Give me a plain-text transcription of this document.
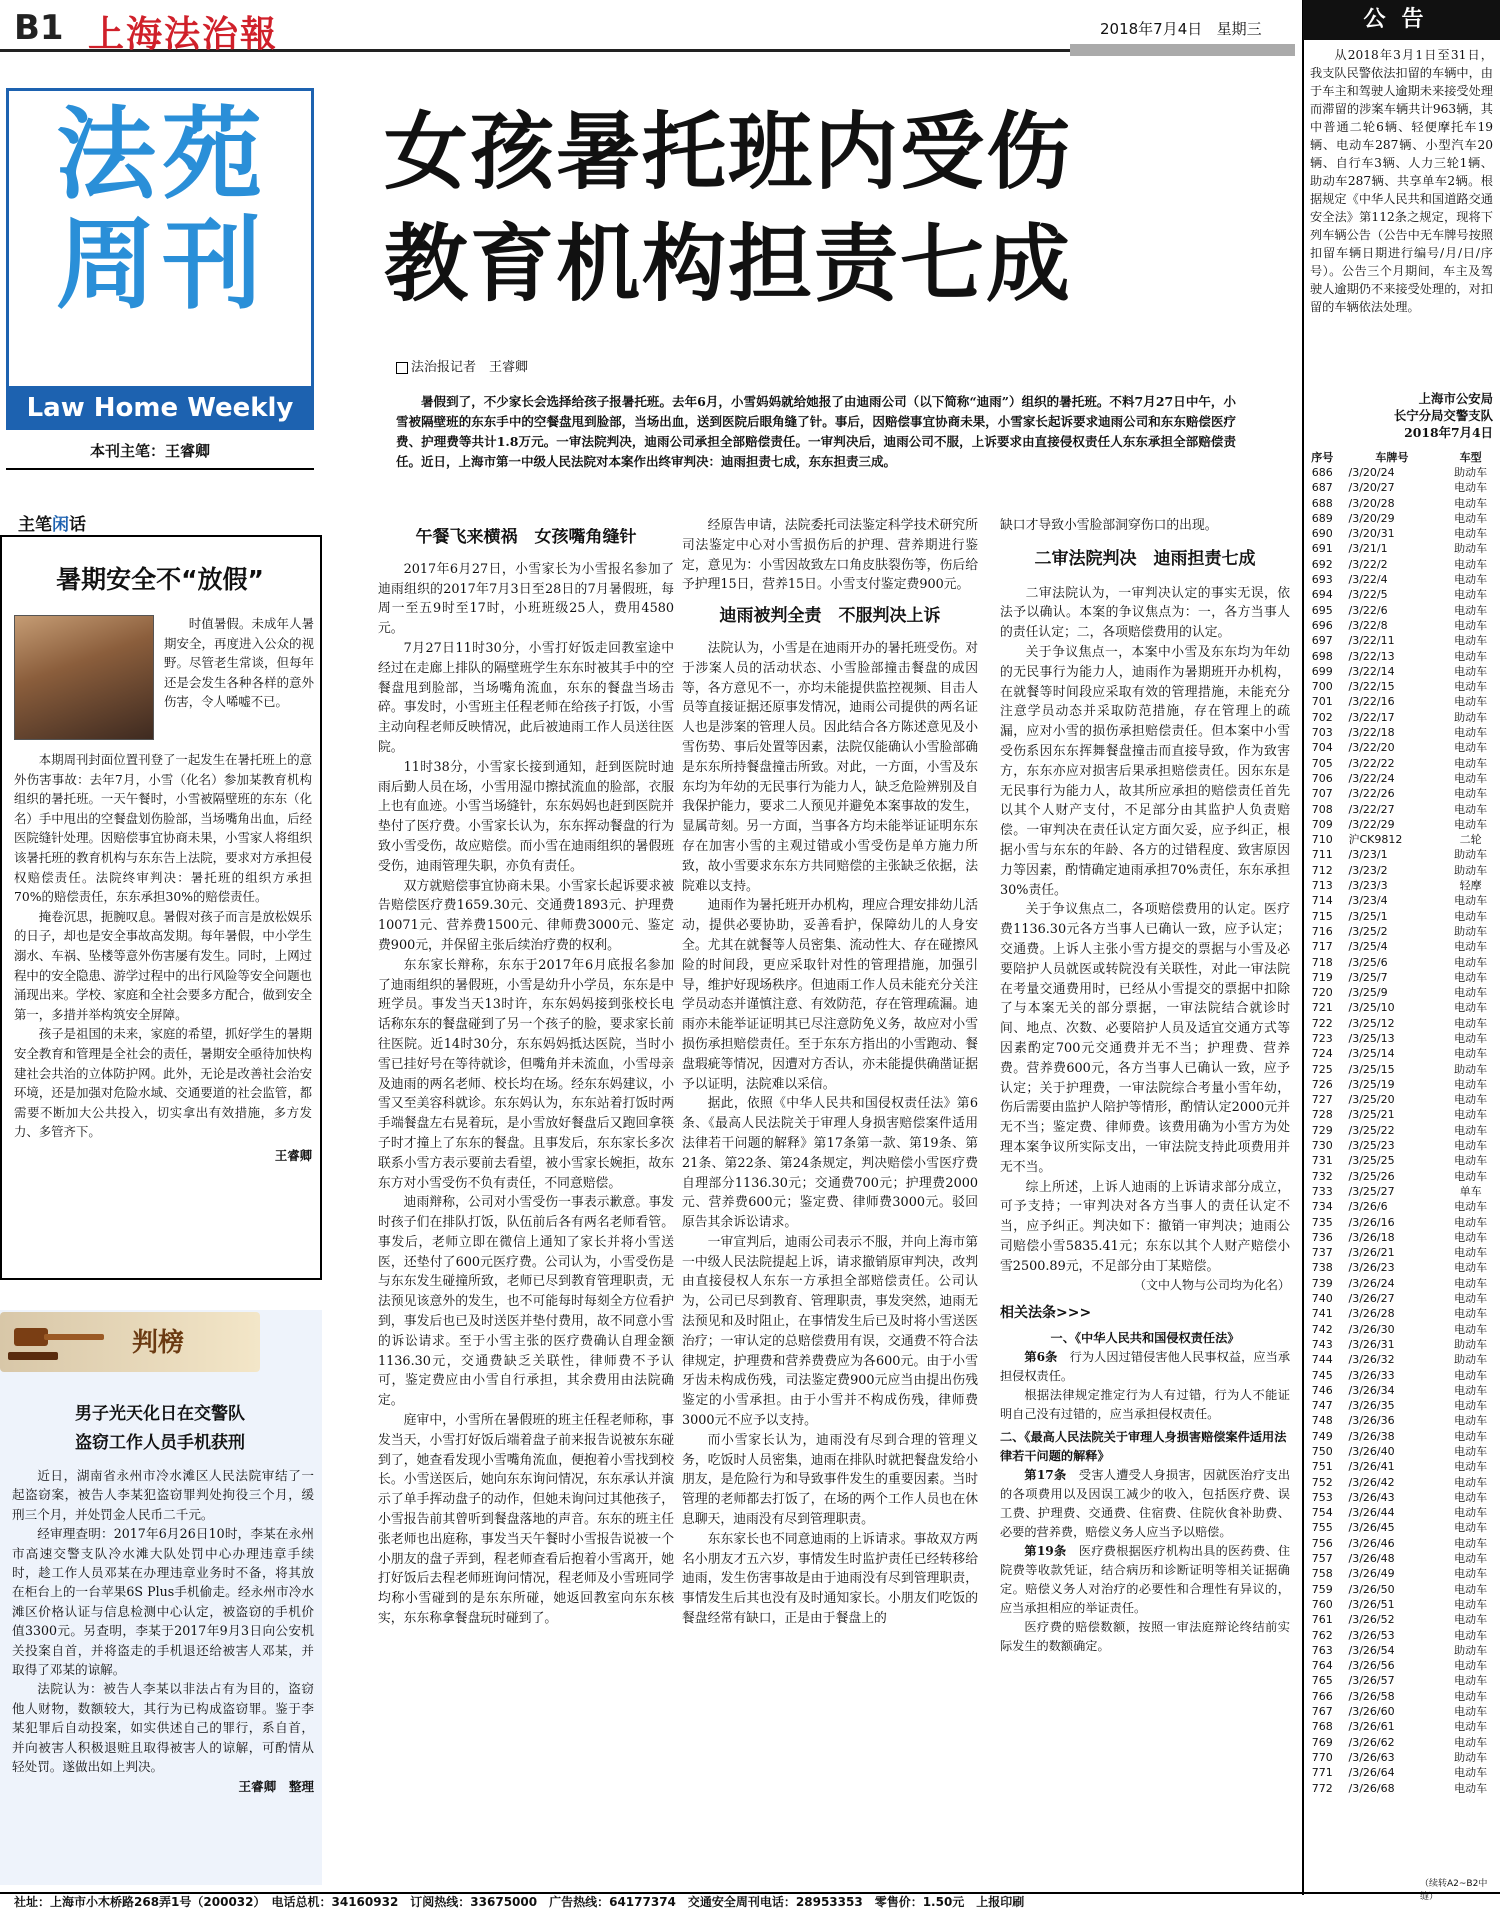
B1 上海法治報	2018年7月4日 星期三
法苑
周刊
Law Home Weekly
本刊主笔：王睿卿
女孩暑托班内受伤
教育机构担责七成
法治报记者　王睿卿

暑假到了，不少家长会选择给孩子报暑托班。去年6月，小雪妈妈就给她报了由迪雨公司（以下简称“迪雨”）组织的暑托班。不料7月27日中午，小雪被隔壁班的东东手中的空餐盘甩到脸部，当场出血，送到医院后眼角缝了针。事后，因赔偿事宜协商未果，小雪家长起诉要求迪雨公司和东东赔偿医疗费、护理费等共计1.8万元。一审法院判决，迪雨公司承担全部赔偿责任。一审判决后，迪雨公司不服，上诉要求由直接侵权责任人东东承担全部赔偿责任。近日，上海市第一中级人民法院对本案作出终审判决：迪雨担责七成，东东担责三成。

午餐飞来横祸　女孩嘴角缝针

2017年6月27日，小雪家长为小雪报名参加了迪雨组织的2017年7月3日至28日的7月暑假班，每周一至五9时至17时，小班班级25人，费用4580元。

7月27日11时30分，小雪打好饭走回教室途中经过在走廊上排队的隔壁班学生东东时被其手中的空餐盘甩到脸部，当场嘴角流血，东东的餐盘当场击碎。事发时，小雪班主任程老师在给孩子打饭，小雪主动向程老师反映情况，此后被迪雨工作人员送往医院。

11时38分，小雪家长接到通知，赶到医院时迪雨后勤人员在场，小雪用湿巾擦拭流血的脸部，衣服上也有血迹。小雪当场缝针，东东妈妈也赶到医院并垫付了医疗费。小雪家长认为，东东挥动餐盘的行为致小雪受伤，故应赔偿。而小雪在迪雨组织的暑假班受伤，迪雨管理失职，亦负有责任。

双方就赔偿事宜协商未果。小雪家长起诉要求被告赔偿医疗费1659.30元、交通费1893元、护理费10071元、营养费1500元、律师费3000元、鉴定费900元，并保留主张后续治疗费的权利。

东东家长辩称，东东于2017年6月底报名参加了迪雨组织的暑假班，小雪是幼升小学员，东东是中班学员。事发当天13时许，东东妈妈接到张校长电话称东东的餐盘碰到了另一个孩子的脸，要求家长前往医院。近14时30分，东东妈妈抵达医院，当时小雪已挂好号在等待就诊，但嘴角并未流血，小雪母亲及迪雨的两名老师、校长均在场。经东东妈建议，小雪又至美容科就诊。东东妈认为，东东站着打饭时两手端餐盘左右晃着玩，是小雪放好餐盘后又跑回拿筷子时才撞上了东东的餐盘。且事发后，东东家长多次联系小雪方表示要前去看望，被小雪家长婉拒，故东东方对小雪受伤不负有责任，不同意赔偿。

迪雨辩称，公司对小雪受伤一事表示歉意。事发时孩子们在排队打饭，队伍前后各有两名老师看管。事发后，老师立即在微信上通知了家长并将小雪送医，还垫付了600元医疗费。公司认为，小雪受伤是与东东发生碰撞所致，老师已尽到教育管理职责，无法预见该意外的发生，也不可能每时每刻全方位看护到，事发后也已及时送医并垫付费用，故不同意小雪的诉讼请求。至于小雪主张的医疗费确认自理金额1136.30元，交通费缺乏关联性，律师费不予认可，鉴定费应由小雪自行承担，其余费用由法院确定。

庭审中，小雪所在暑假班的班主任程老师称，事发当天，小雪打好饭后端着盘子前来报告说被东东碰到了，她查看发现小雪嘴角流血，便抱着小雪找到校长。小雪送医后，她向东东询问情况，东东承认并演示了单手挥动盘子的动作，但她未询问过其他孩子，小雪报告前其曾听到餐盘落地的声音。东东的班主任张老师也出庭称，事发当天午餐时小雪报告说被一个小朋友的盘子弄到，程老师查看后抱着小雪离开，她打好饭后去程老师班询问情况，程老师及小雪班同学均称小雪碰到的是东东所碰，她返回教室向东东核实，东东称拿餐盘玩时碰到了。

经原告申请，法院委托司法鉴定科学技术研究所司法鉴定中心对小雪损伤后的护理、营养期进行鉴定，意见为：小雪因故致左口角皮肤裂伤等，伤后给予护理15日，营养15日。小雪支付鉴定费900元。

迪雨被判全责　不服判决上诉

法院认为，小雪是在迪雨开办的暑托班受伤。对于涉案人员的活动状态、小雪脸部撞击餐盘的成因等，各方意见不一，亦均未能提供监控视频、目击人员等直接证据还原事发情况，迪雨公司提供的两名证人也是涉案的管理人员。因此结合各方陈述意见及小雪伤势、事后处置等因素，法院仅能确认小雪脸部确是东东所持餐盘撞击所致。对此，一方面，小雪及东东均为年幼的无民事行为能力人，缺乏危险辨别及自我保护能力，要求二人预见并避免本案事故的发生，显属苛刻。另一方面，当事各方均未能举证证明东东存在加害小雪的主观过错或小雪受伤是单方施力所致，故小雪要求东东方共同赔偿的主张缺乏依据，法院难以支持。

迪雨作为暑托班开办机构，理应合理安排幼儿活动，提供必要协助，妥善看护，保障幼儿的人身安全。尤其在就餐等人员密集、流动性大、存在碰擦风险的时间段，更应采取针对性的管理措施，加强引导，维护好现场秩序。但迪雨工作人员未能充分关注学员动态并谨慎注意、有效防范，存在管理疏漏。迪雨亦未能举证证明其已尽注意防免义务，故应对小雪损伤承担赔偿责任。至于东东方指出的小雪跑动、餐盘瑕疵等情况，因遭对方否认，亦未能提供确凿证据予以证明，法院难以采信。

据此，依照《中华人民共和国侵权责任法》第6条、《最高人民法院关于审理人身损害赔偿案件适用法律若干问题的解释》第17条第一款、第19条、第21条、第22条、第24条规定，判决赔偿小雪医疗费自理部分1136.30元；交通费700元；护理费2000元、营养费600元；鉴定费、律师费3000元。驳回原告其余诉讼请求。

一审宣判后，迪雨公司表示不服，并向上海市第一中级人民法院提起上诉，请求撤销原审判决，改判由直接侵权人东东一方承担全部赔偿责任。公司认为，公司已尽到教育、管理职责，事发突然，迪雨无法预见和及时阻止，在事情发生后已及时将小雪送医治疗；一审认定的总赔偿费用有误，交通费不符合法律规定，护理费和营养费费应为各600元。由于小雪牙齿未构成伤残，司法鉴定费900元应当由提出伤残鉴定的小雪承担。由于小雪并不构成伤残，律师费3000元不应予以支持。

而小雪家长认为，迪雨没有尽到合理的管理义务，吃饭时人员密集，迪雨在排队时就把餐盘发给小朋友，是危险行为和导致事件发生的重要因素。当时管理的老师都去打饭了，在场的两个工作人员也在休息聊天，迪雨没有尽到管理职责。

东东家长也不同意迪雨的上诉请求。事故双方两名小朋友才五六岁，事情发生时监护责任已经转移给迪雨，发生伤害事故是由于迪雨没有尽到管理职责，事情发生后其也没有及时通知家长。小朋友们吃饭的餐盘经常有缺口，正是由于餐盘上的

缺口才导致小雪脸部洞穿伤口的出现。
二审法院判决　迪雨担责七成

二审法院认为，一审判决认定的事实无误，依法予以确认。本案的争议焦点为：一，各方当事人的责任认定；二，各项赔偿费用的认定。

关于争议焦点一，本案中小雪及东东均为年幼的无民事行为能力人，迪雨作为暑期班开办机构，在就餐等时间段应采取有效的管理措施，未能充分注意学员动态并采取防范措施，存在管理上的疏漏，应对小雪的损伤承担赔偿责任。但本案中小雪受伤系因东东挥舞餐盘撞击而直接导致，作为致害方，东东亦应对损害后果承担赔偿责任。因东东是无民事行为能力人，故其所应承担的赔偿责任首先以其个人财产支付，不足部分由其监护人负责赔偿。一审判决在责任认定方面欠妥，应予纠正，根据小雪与东东的年龄、各方的过错程度、致害原因力等因素，酌情确定迪雨承担70%责任，东东承担30%责任。

关于争议焦点二，各项赔偿费用的认定。医疗费1136.30元各方当事人已确认一致，应予认定；交通费。上诉人主张小雪方提交的票据与小雪及必要陪护人员就医或转院没有关联性，对此一审法院在考量交通费用时，已经从小雪提交的票据中扣除了与本案无关的部分票据，一审法院结合就诊时间、地点、次数、必要陪护人员及适宜交通方式等因素酌定700元交通费并无不当；护理费、营养费。营养费600元，各方当事人已确认一致，应予认定；关于护理费，一审法院综合考量小雪年幼，伤后需要由监护人陪护等情形，酌情认定2000元并无不当；鉴定费、律师费。该费用确为小雪方为处理本案争议所实际支出，一审法院支持此项费用并无不当。

综上所述，上诉人迪雨的上诉请求部分成立，可予支持；一审判决对各方当事人的责任认定不当，应予纠正。判决如下：撤销一审判决；迪雨公司赔偿小雪5835.41元；东东以其个人财产赔偿小雪2500.89元，不足部分由丁某赔偿。

（文中人物与公司均为化名）
相关法条>>>
一、《中华人民共和国侵权责任法》

第6条　 行为人因过错侵害他人民事权益，应当承担侵权责任。

根据法律规定推定行为人有过错，行为人不能证明自己没有过错的，应当承担侵权责任。

二、《最高人民法院关于审理人身损害赔偿案件适用法律若干问题的解释》

第17条　 受害人遭受人身损害，因就医治疗支出的各项费用以及因误工减少的收入，包括医疗费、误工费、护理费、交通费、住宿费、住院伙食补助费、必要的营养费，赔偿义务人应当予以赔偿。

第19条　 医疗费根据医疗机构出具的医药费、住院费等收款凭证，结合病历和诊断证明等相关证据确定。赔偿义务人对治疗的必要性和合理性有异议的，应当承担相应的举证责任。

医疗费的赔偿数额，按照一审法庭辩论终结前实际发生的数额确定。

主笔闲话
暑期安全不“放假”

时值暑假。未成年人暑期安全，再度进入公众的视野。尽管老生常谈，但每年还是会发生各种各样的意外伤害，令人唏嘘不已。

本期周刊封面位置刊登了一起发生在暑托班上的意外伤害事故：去年7月，小雪（化名）参加某教育机构组织的暑托班。一天午餐时，小雪被隔壁班的东东（化名）手中甩出的空餐盘划伤脸部，当场嘴角出血，后经医院缝针处理。因赔偿事宜协商未果，小雪家人将组织该暑托班的教育机构与东东告上法院，要求对方承担侵权赔偿责任。法院终审判决：暑托班的组织方承担70%的赔偿责任，东东承担30%的赔偿责任。

掩卷沉思，扼腕叹息。暑假对孩子而言是放松娱乐的日子，却也是安全事故高发期。每年暑假，中小学生溺水、车祸、坠楼等意外伤害屡有发生。同时，上网过程中的安全隐患、游学过程中的出行风险等安全问题也涌现出来。学校、家庭和全社会要多方配合，做到安全第一，多措并举构筑安全屏障。

孩子是祖国的未来，家庭的希望，抓好学生的暑期安全教育和管理是全社会的责任，暑期安全亟待加快构建社会共治的立体防护网。此外，无论是改善社会治安环境，还是加强对危险水域、交通要道的社会监管，都需要不断加大公共投入，切实拿出有效措施，多方发力、多管齐下。

王睿卿
判榜
男子光天化日在交警队
盗窃工作人员手机获刑

近日，湖南省永州市冷水滩区人民法院审结了一起盗窃案，被告人李某犯盗窃罪判处拘役三个月，缓刑三个月，并处罚金人民币二千元。

经审理查明：2017年6月26日10时，李某在永州市高速交警支队冷水滩大队处罚中心办理违章手续时，趁工作人员邓某在办理违章业务时不备，将其放在柜台上的一台苹果6S Plus手机偷走。经永州市冷水滩区价格认证与信息检测中心认定，被盗窃的手机价值3300元。另查明，李某于2017年9月3日向公安机关投案自首，并将盗走的手机退还给被害人邓某，并取得了邓某的谅解。

法院认为：被告人李某以非法占有为目的，盗窃他人财物，数额较大，其行为已构成盗窃罪。鉴于李某犯罪后自动投案，如实供述自己的罪行，系自首，并向被害人积极退赃且取得被害人的谅解，可酌情从轻处罚。遂做出如上判决。

王睿卿　整理
公告

从2018年3月1日至31日，我支队民警依法扣留的车辆中，由于车主和驾驶人逾期未来接受处理而滞留的涉案车辆共计963辆，其中普通二轮6辆、轻便摩托车19辆、电动车287辆、小型汽车20辆、自行车3辆、人力三轮1辆、助动车287辆、共享单车2辆。根据规定《中华人民共和国道路交通安全法》第112条之规定，现将下列车辆公告（公告中无车牌号按照扣留车辆日期进行编号/月/日/序号）。公告三个月期间，车主及驾驶人逾期仍不来接受处理的，对扣留的车辆依法处理。

上海市公安局
长宁分局交警支队
2018年7月4日
序号	车牌号	车型
686	/3/20/24	助动车
687	/3/20/27	电动车
688	/3/20/28	电动车
689	/3/20/29	电动车
690	/3/20/31	电动车
691	/3/21/1	助动车
692	/3/22/2	电动车
693	/3/22/4	电动车
694	/3/22/5	电动车
695	/3/22/6	电动车
696	/3/22/8	电动车
697	/3/22/11	电动车
698	/3/22/13	电动车
699	/3/22/14	电动车
700	/3/22/15	电动车
701	/3/22/16	电动车
702	/3/22/17	助动车
703	/3/22/18	电动车
704	/3/22/20	电动车
705	/3/22/22	电动车
706	/3/22/24	电动车
707	/3/22/26	电动车
708	/3/22/27	电动车
709	/3/22/29	电动车
710	沪CK9812	二轮
711	/3/23/1	助动车
712	/3/23/2	助动车
713	/3/23/3	轻摩
714	/3/23/4	电动车
715	/3/25/1	电动车
716	/3/25/2	助动车
717	/3/25/4	电动车
718	/3/25/6	电动车
719	/3/25/7	电动车
720	/3/25/9	电动车
721	/3/25/10	电动车
722	/3/25/12	电动车
723	/3/25/13	电动车
724	/3/25/14	电动车
725	/3/25/15	助动车
726	/3/25/19	电动车
727	/3/25/20	电动车
728	/3/25/21	电动车
729	/3/25/22	电动车
730	/3/25/23	电动车
731	/3/25/25	电动车
732	/3/25/26	电动车
733	/3/25/27	单车
734	/3/26/6	电动车
735	/3/26/16	电动车
736	/3/26/18	电动车
737	/3/26/21	电动车
738	/3/26/23	电动车
739	/3/26/24	电动车
740	/3/26/27	电动车
741	/3/26/28	电动车
742	/3/26/30	电动车
743	/3/26/31	助动车
744	/3/26/32	助动车
745	/3/26/33	电动车
746	/3/26/34	电动车
747	/3/26/35	电动车
748	/3/26/36	电动车
749	/3/26/38	电动车
750	/3/26/40	电动车
751	/3/26/41	电动车
752	/3/26/42	电动车
753	/3/26/43	电动车
754	/3/26/44	电动车
755	/3/26/45	电动车
756	/3/26/46	电动车
757	/3/26/48	电动车
758	/3/26/49	电动车
759	/3/26/50	电动车
760	/3/26/51	电动车
761	/3/26/52	电动车
762	/3/26/53	电动车
763	/3/26/54	助动车
764	/3/26/56	电动车
765	/3/26/57	电动车
766	/3/26/58	电动车
767	/3/26/60	电动车
768	/3/26/61	电动车
769	/3/26/62	电动车
770	/3/26/63	助动车
771	/3/26/64	电动车
772	/3/26/68	电动车
（续转A2~B2中缝）
社址：上海市小木桥路268弄1号（200032）　电话总机：34160932　订阅热线：33675000　广告热线：64177374　交通安全周刊电话：28953353　零售价：1.50元　上报印刷
